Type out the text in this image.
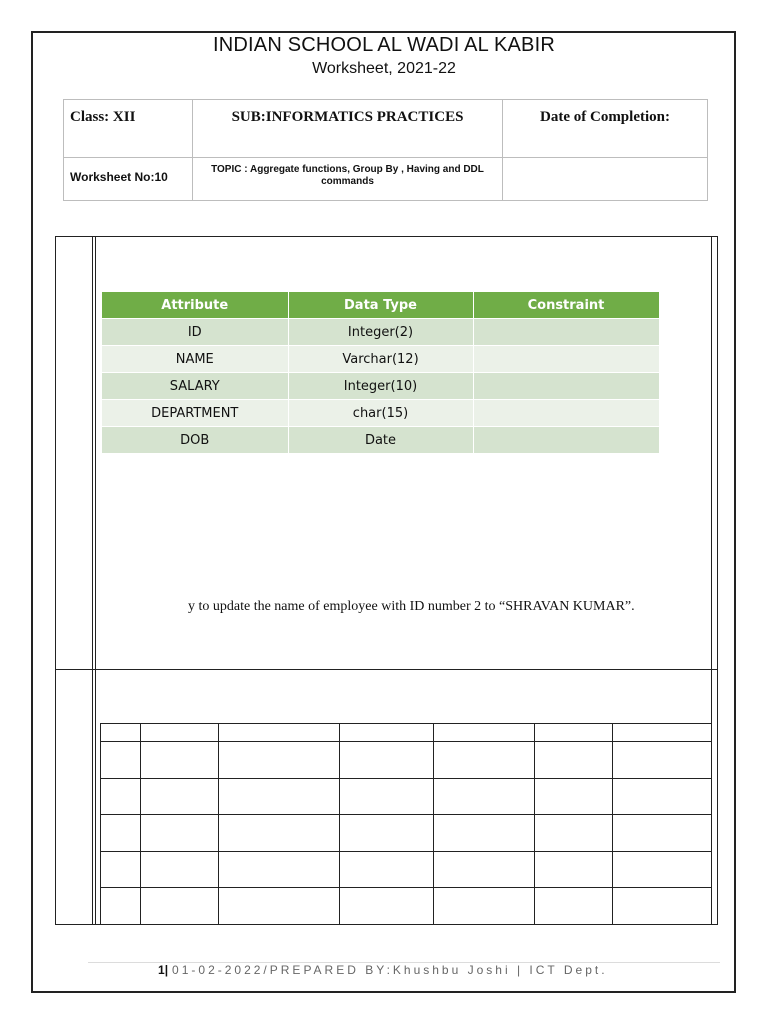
INDIAN SCHOOL AL WADI AL KABIR
Worksheet, 2021-22
Class: XII	SUB:INFORMATICS PRACTICES	Date of Completion:

Worksheet No:10	TOPIC : Aggregate functions, Group By , Having and DDL commands	

Attribute	Data Type	Constraint
ID	Integer(2)	
NAME	Varchar(12)	
SALARY	Integer(10)	
DEPARTMENT	char(15)	
DOB	Date	
y to update the name of employee with ID number 2 to “SHRAVAN KUMAR”.

1| 01-02-2022/PREPARED BY:Khushbu Joshi | ICT Dept.
